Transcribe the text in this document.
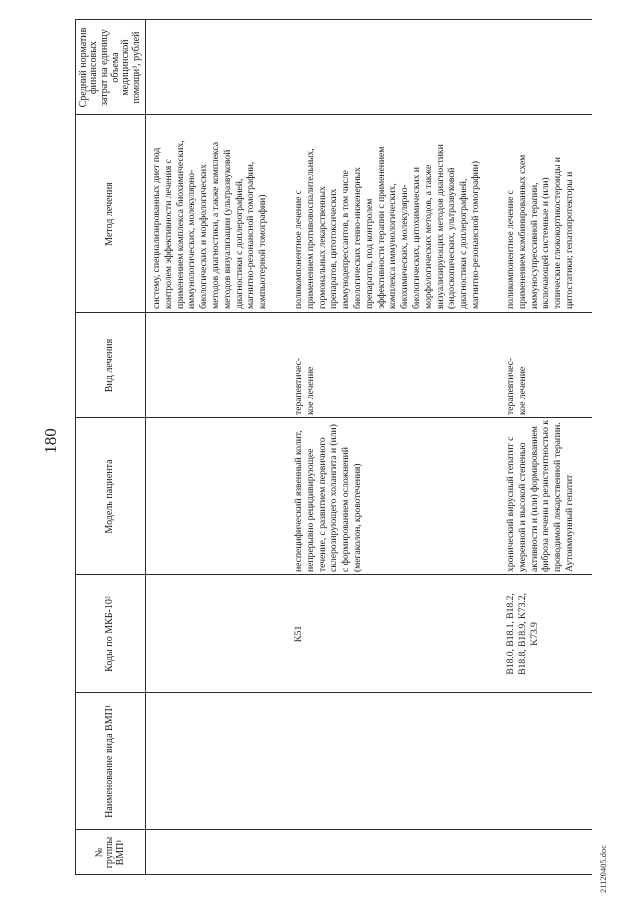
180
№
группы
ВМП¹
Наименование вида ВМП¹
Коды по МКБ-10²
Модель пациента
Вид лечения
Метод лечения
Средний норматив
финансовых
затрат на единицу
объема
медицинской
помощи³, рублей
систему, специализированных диет под
контролем эффективности лечения с
применением комплекса биохимических,
иммунологических, молекулярно-
биологических и морфологических
методов диагностики, а также комплекса
методов визуализации (ультразвуковой
диагностики с доплерографией,
магнитно-резонансной томографии,
компьютерной томографии)
K51
неспецифический язвенный колит,
непрерывно рецидивирующее
течение, с развитием первичного
склерозирующего холангита и (или)
с формированием осложнений
(мегаколон, кровотечения)
терапевтичес-
кое лечение
поликомпонентное лечение с
применением противовоспалительных,
гормональных лекарственных
препаратов, цитотоксических
иммунодепрессантов, в том числе
биологических генно-инженерных
препаратов, под контролем
эффективности терапии с применением
комплекса иммунологических,
биохимических, молекулярно-
биологических, цитохимических и
морфологических методов, а также
визуализирующих методов диагностики
(эндоскопических, ультразвуковой
диагностики с доплерографией,
магнитно-резонансной томографии)
B18.0, B18.1, B18.2,
B18.8, B18.9, K73.2,
K73.9
хронический вирусный гепатит с
умеренной и высокой степенью
активности и (или) формированием
фиброза печени и резистентностью к
проводимой лекарственной терапии.
Аутоиммунный гепатит
терапевтичес-
кое лечение
поликомпонентное лечение с
применением комбинированных схем
иммуносупрессивной терапии,
включающей системные и (или)
топические глюкокортикостероиды и
цитостатики; гепатопротекторы и
21120405.doc
